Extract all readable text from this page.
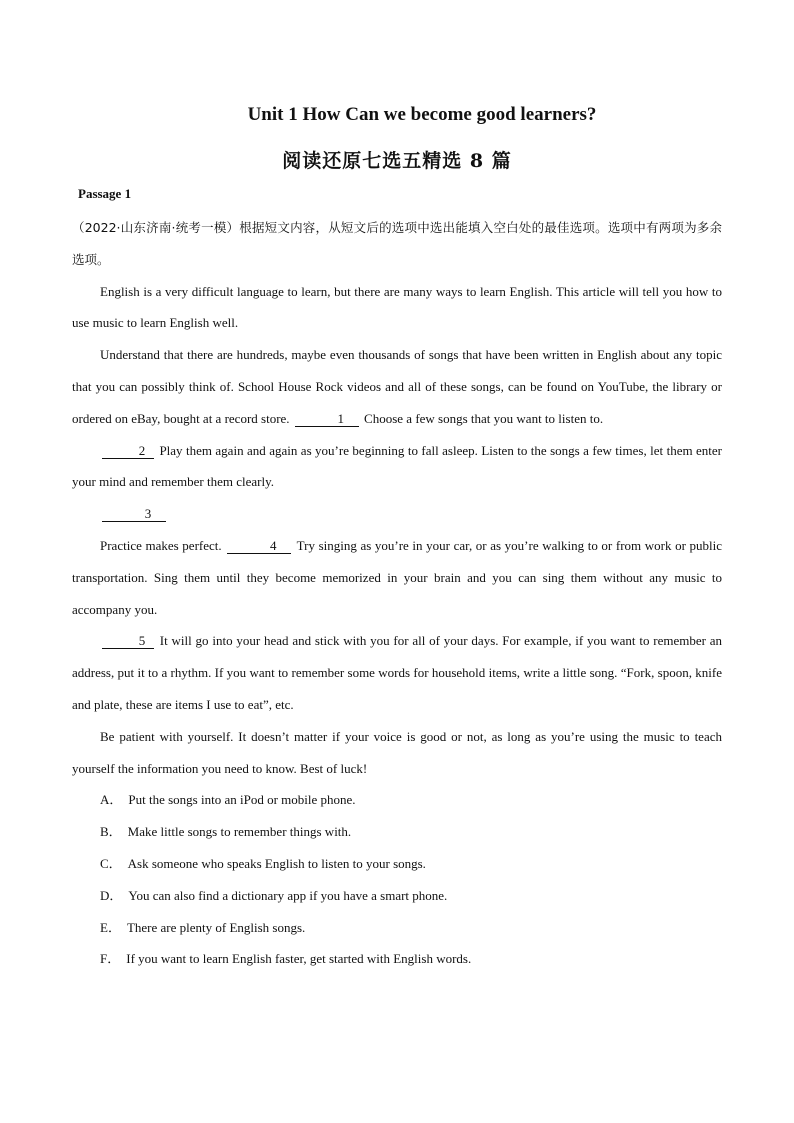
Unit 1 How Can we become good learners?
阅读还原七选五精选 8 篇
Passage 1

（2022·山东济南·统考一模）根据短文内容，从短文后的选项中选出能填入空白处的最佳选项。选项中有两项为多余选项。

English is a very difficult language to learn, but there are many ways to learn English. This article will tell you how to use music to learn English well.

Understand that there are hundreds, maybe even thousands of songs that have been written in English about any topic that you can possibly think of. School House Rock videos and all of these songs, can be found on YouTube, the library or ordered on eBay, bought at a record store.	1 Choose a few songs that you want to listen to.

2 Play them again and again as you’re beginning to fall asleep. Listen to the songs a few times, let them enter your mind and remember them clearly.

3

Practice makes perfect.	4 Try singing as you’re in your car, or as you’re walking to or from work or public transportation. Sing them until they become memorized in your brain and you can sing them without any music to accompany you.

5 It will go into your head and stick with you for all of your days. For example, if you want to remember an address, put it to a rhythm. If you want to remember some words for household items, write a little song. “Fork, spoon, knife and plate, these are items I use to eat”, etc.

Be patient with yourself. It doesn’t matter if your voice is good or not, as long as you’re using the music to teach yourself the information you need to know. Best of luck!

A． Put the songs into an iPod or mobile phone.

B． Make little songs to remember things with.

C． Ask someone who speaks English to listen to your songs.

D． You can also find a dictionary app if you have a smart phone.

E． There are plenty of English songs.

F． If you want to learn English faster, get started with English words.
